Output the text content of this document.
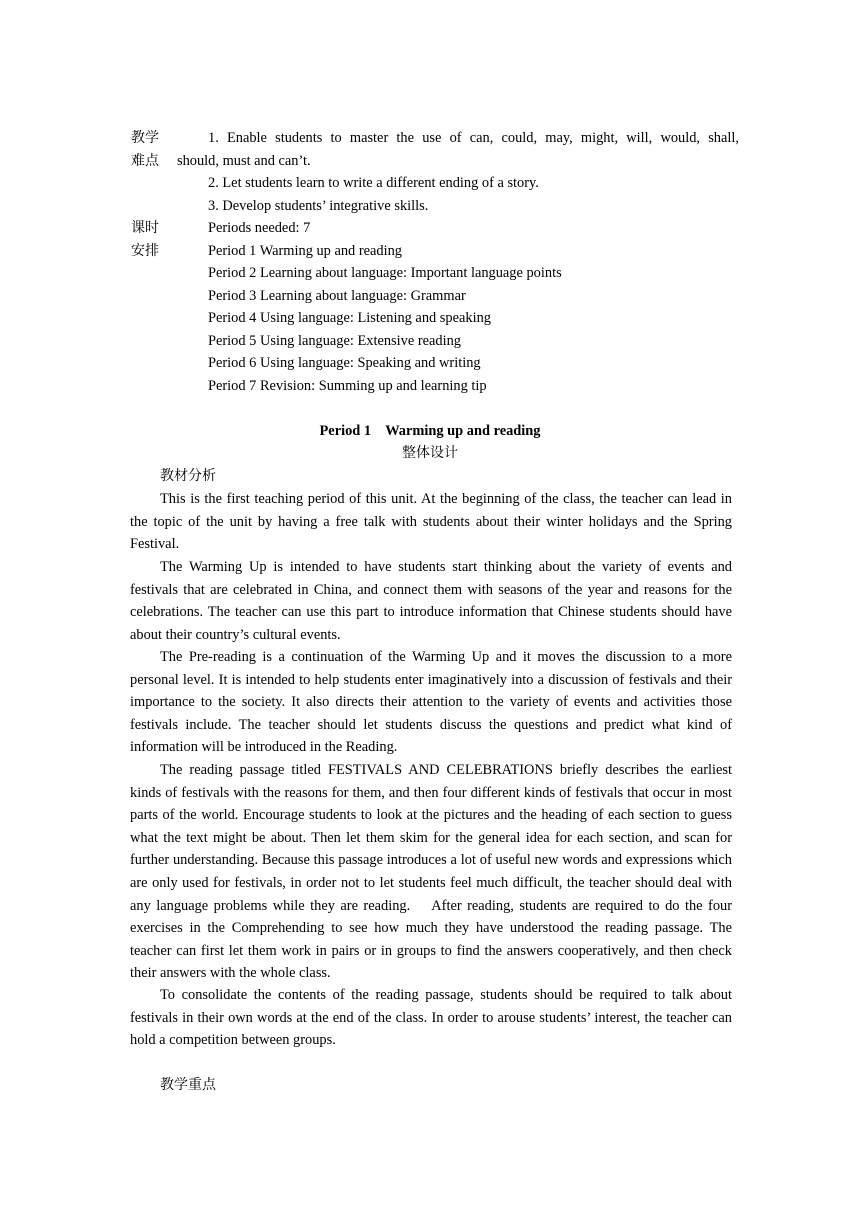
教学
难点
1. Enable students to master the use of can, could, may, might, will, would, shall,
should, must and can’t.
2. Let students learn to write a different ending of a story.
3. Develop students’ integrative skills.
课时
安排
Periods needed: 7
Period 1 Warming up and reading
Period 2 Learning about language: Important language points
Period 3 Learning about language: Grammar
Period 4 Using language: Listening and speaking
Period 5 Using language: Extensive reading
Period 6 Using language: Speaking and writing
Period 7 Revision: Summing up and learning tip
Period 1    Warming up and reading
整体设计
教材分析

This is the first teaching period of this unit. At the beginning of the class, the teacher can lead in the topic of the unit by having a free talk with students about their winter holidays and the Spring Festival.

The Warming Up is intended to have students start thinking about the variety of events and festivals that are celebrated in China, and connect them with seasons of the year and reasons for the celebrations. The teacher can use this part to introduce information that Chinese students should have about their country’s cultural events.

The Pre-reading is a continuation of the Warming Up and it moves the discussion to a more personal level. It is intended to help students enter imaginatively into a discussion of festivals and their importance to the society. It also directs their attention to the variety of events and activities those festivals include. The teacher should let students discuss the questions and predict what kind of information will be introduced in the Reading.

The reading passage titled FESTIVALS AND CELEBRATIONS briefly describes the earliest kinds of festivals with the reasons for them, and then four different kinds of festivals that occur in most parts of the world. Encourage students to look at the pictures and the heading of each section to guess what the text might be about. Then let them skim for the general idea for each section, and scan for further understanding. Because this passage introduces a lot of useful new words and expressions which are only used for festivals, in order not to let students feel much difficult, the teacher should deal with any language problems while they are reading.    After reading, students are required to do the four exercises in the Comprehending to see how much they have understood the reading passage. The teacher can first let them work in pairs or in groups to find the answers cooperatively, and then check their answers with the whole class.

To consolidate the contents of the reading passage, students should be required to talk about festivals in their own words at the end of the class. In order to arouse students’ interest, the teacher can hold a competition between groups.

教学重点
